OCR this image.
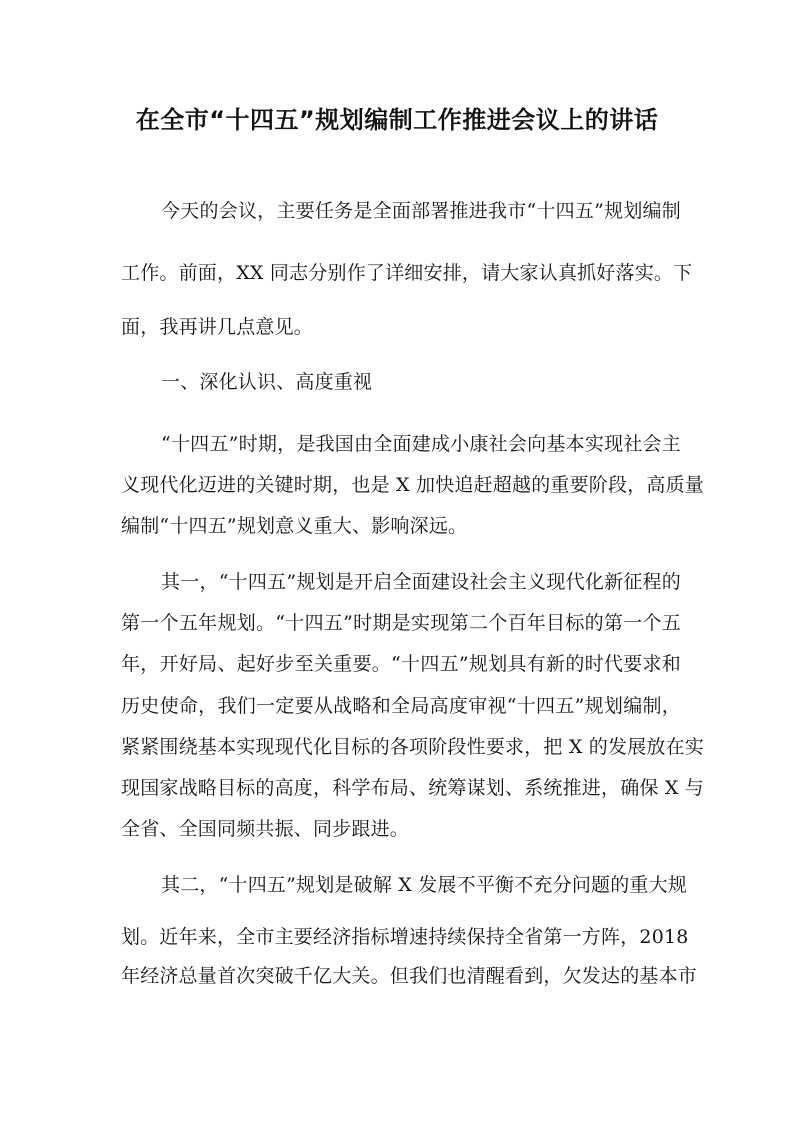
在全市“十四五”规划编制工作推进会议上的讲话
今天的会议，主要任务是全面部署推进我市“十四五”规划编制
工作。前面，XX 同志分别作了详细安排，请大家认真抓好落实。下
面，我再讲几点意见。
一、深化认识、高度重视
“十四五”时期，是我国由全面建成小康社会向基本实现社会主
义现代化迈进的关键时期，也是 X 加快追赶超越的重要阶段，高质量
编制“十四五”规划意义重大、影响深远。
其一，“十四五”规划是开启全面建设社会主义现代化新征程的
第一个五年规划。“十四五”时期是实现第二个百年目标的第一个五
年，开好局、起好步至关重要。“十四五”规划具有新的时代要求和
历史使命，我们一定要从战略和全局高度审视“十四五”规划编制，
紧紧围绕基本实现现代化目标的各项阶段性要求，把 X 的发展放在实
现国家战略目标的高度，科学布局、统筹谋划、系统推进，确保 X 与
全省、全国同频共振、同步跟进。
其二，“十四五”规划是破解 X 发展不平衡不充分问题的重大规
划。近年来，全市主要经济指标增速持续保持全省第一方阵，2018
年经济总量首次突破千亿大关。但我们也清醒看到，欠发达的基本市
